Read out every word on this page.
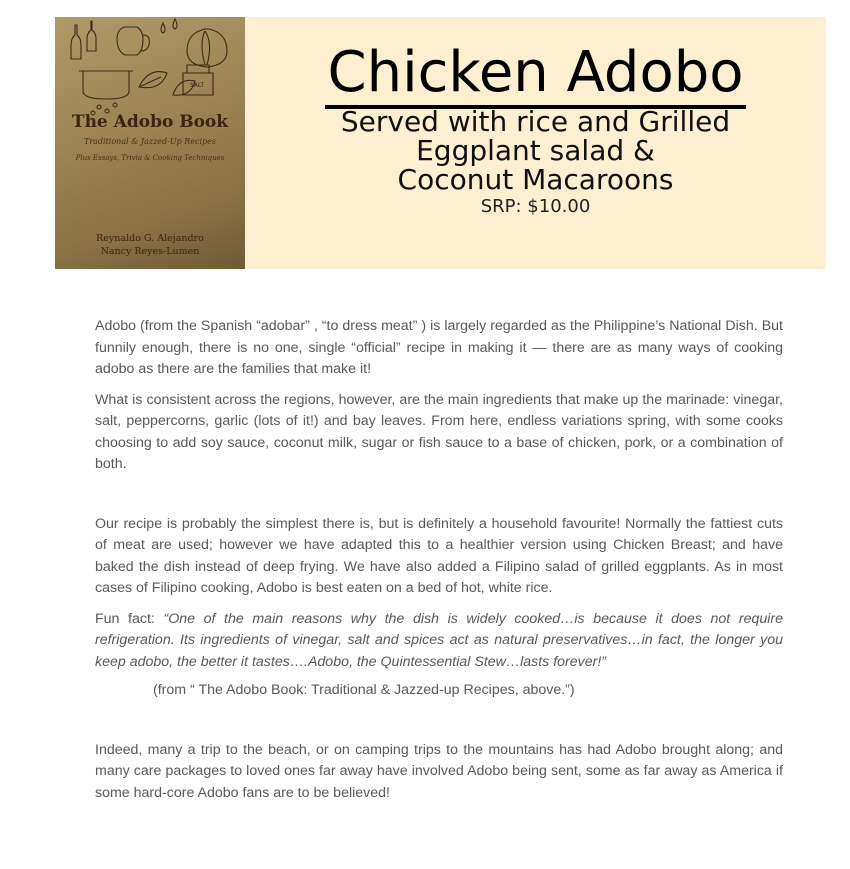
SALT
The Adobo Book
Traditional & Jazzed-Up Recipes
Plus Essays, Trivia & Cooking Techniques
Reynaldo G. Alejandro
Nancy Reyes-Lumen
Chicken Adobo
Served with rice and Grilled
Eggplant salad &
Coconut Macaroons
SRP: $10.00

Adobo (from the Spanish “adobar” , “to dress meat” ) is largely regarded as the Philippine’s National Dish. But funnily enough, there is no one, single “official” recipe in making it — there are as many ways of cooking adobo as there are the families that make it!

What is consistent across the regions, however, are the main ingredients that make up the marinade: vinegar, salt, peppercorns, garlic (lots of it!) and bay leaves. From here, endless variations spring, with some cooks choosing to add soy sauce, coconut milk, sugar or fish sauce to a base of chicken, pork, or a combination of both.

Our recipe is probably the simplest there is, but is definitely a household favourite! Normally the fattiest cuts of meat are used; however we have adapted this to a healthier version using Chicken Breast; and have baked the dish instead of deep frying. We have also added a Filipino salad of grilled eggplants. As in most cases of Filipino cooking, Adobo is best eaten on a bed of hot, white rice.

Fun fact: “One of the main reasons why the dish is widely cooked…is because it does not require refrigeration. Its ingredients of vinegar, salt and spices act as natural preservatives…in fact, the longer you keep adobo, the better it tastes….Adobo, the Quintessential Stew…lasts forever!”

(from “ The Adobo Book: Traditional & Jazzed-up Recipes, above.”)

Indeed, many a trip to the beach, or on camping trips to the mountains has had Adobo brought along; and many care packages to loved ones far away have involved Adobo being sent, some as far away as America if some hard-core Adobo fans are to be believed!
